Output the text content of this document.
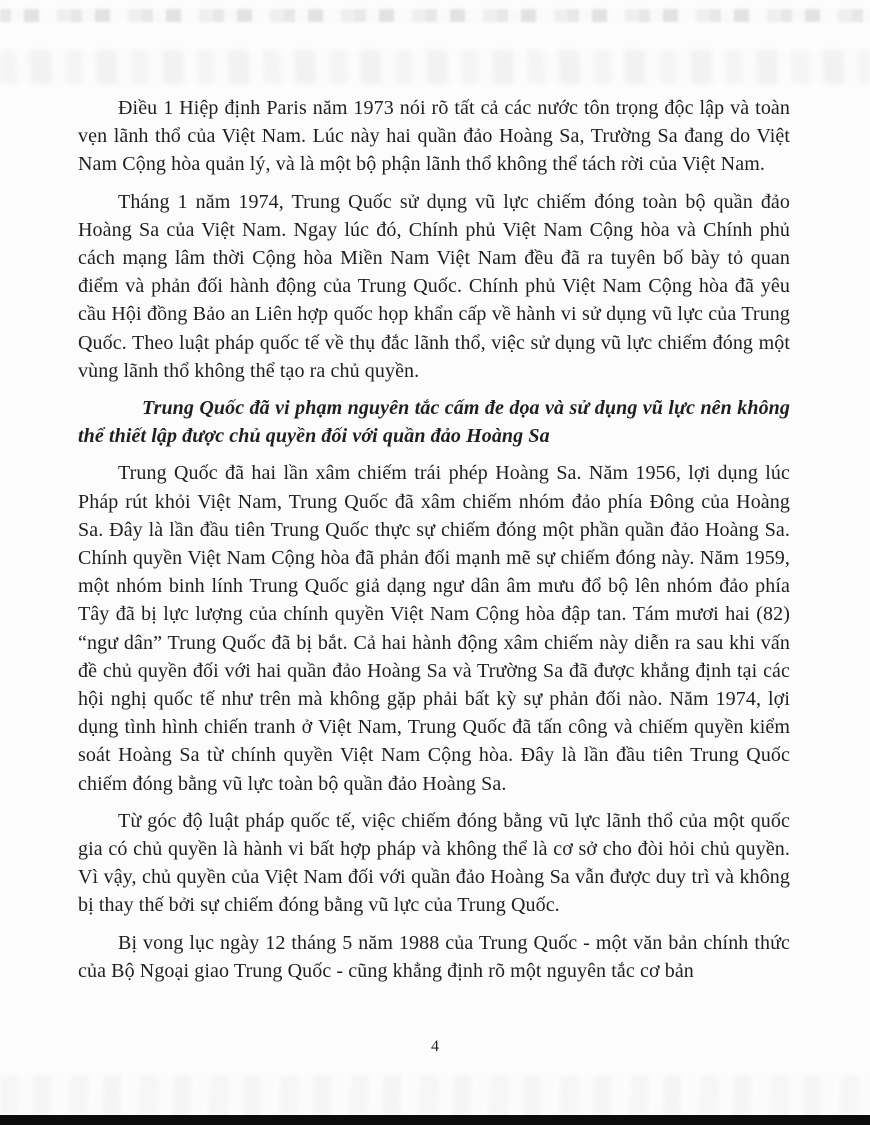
Điều 1 Hiệp định Paris năm 1973 nói rõ tất cả các nước tôn trọng độc lập và toàn vẹn lãnh thổ của Việt Nam. Lúc này hai quần đảo Hoàng Sa, Trường Sa đang do Việt Nam Cộng hòa quản lý, và là một bộ phận lãnh thổ không thể tách rời của Việt Nam.

Tháng 1 năm 1974, Trung Quốc sử dụng vũ lực chiếm đóng toàn bộ quần đảo Hoàng Sa của Việt Nam. Ngay lúc đó, Chính phủ Việt Nam Cộng hòa và Chính phủ cách mạng lâm thời Cộng hòa Miền Nam Việt Nam đều đã ra tuyên bố bày tỏ quan điểm và phản đối hành động của Trung Quốc. Chính phủ Việt Nam Cộng hòa đã yêu cầu Hội đồng Bảo an Liên hợp quốc họp khẩn cấp về hành vi sử dụng vũ lực của Trung Quốc. Theo luật pháp quốc tế về thụ đắc lãnh thổ, việc sử dụng vũ lực chiếm đóng một vùng lãnh thổ không thể tạo ra chủ quyền.

Trung Quốc đã vi phạm nguyên tắc cấm đe dọa và sử dụng vũ lực nên không thể thiết lập được chủ quyền đối với quần đảo Hoàng Sa

Trung Quốc đã hai lần xâm chiếm trái phép Hoàng Sa. Năm 1956, lợi dụng lúc Pháp rút khỏi Việt Nam, Trung Quốc đã xâm chiếm nhóm đảo phía Đông của Hoàng Sa. Đây là lần đầu tiên Trung Quốc thực sự chiếm đóng một phần quần đảo Hoàng Sa. Chính quyền Việt Nam Cộng hòa đã phản đối mạnh mẽ sự chiếm đóng này. Năm 1959, một nhóm binh lính Trung Quốc giả dạng ngư dân âm mưu đổ bộ lên nhóm đảo phía Tây đã bị lực lượng của chính quyền Việt Nam Cộng hòa đập tan. Tám mươi hai (82) “ngư dân” Trung Quốc đã bị bắt. Cả hai hành động xâm chiếm này diễn ra sau khi vấn đề chủ quyền đối với hai quần đảo Hoàng Sa và Trường Sa đã được khẳng định tại các hội nghị quốc tế như trên mà không gặp phải bất kỳ sự phản đối nào. Năm 1974, lợi dụng tình hình chiến tranh ở Việt Nam, Trung Quốc đã tấn công và chiếm quyền kiểm soát Hoàng Sa từ chính quyền Việt Nam Cộng hòa. Đây là lần đầu tiên Trung Quốc chiếm đóng bằng vũ lực toàn bộ quần đảo Hoàng Sa.

Từ góc độ luật pháp quốc tế, việc chiếm đóng bằng vũ lực lãnh thổ của một quốc gia có chủ quyền là hành vi bất hợp pháp và không thể là cơ sở cho đòi hỏi chủ quyền. Vì vậy, chủ quyền của Việt Nam đối với quần đảo Hoàng Sa vẫn được duy trì và không bị thay thế bởi sự chiếm đóng bằng vũ lực của Trung Quốc.

Bị vong lục ngày 12 tháng 5 năm 1988 của Trung Quốc - một văn bản chính thức của Bộ Ngoại giao Trung Quốc - cũng khẳng định rõ một nguyên tắc cơ bản

4
